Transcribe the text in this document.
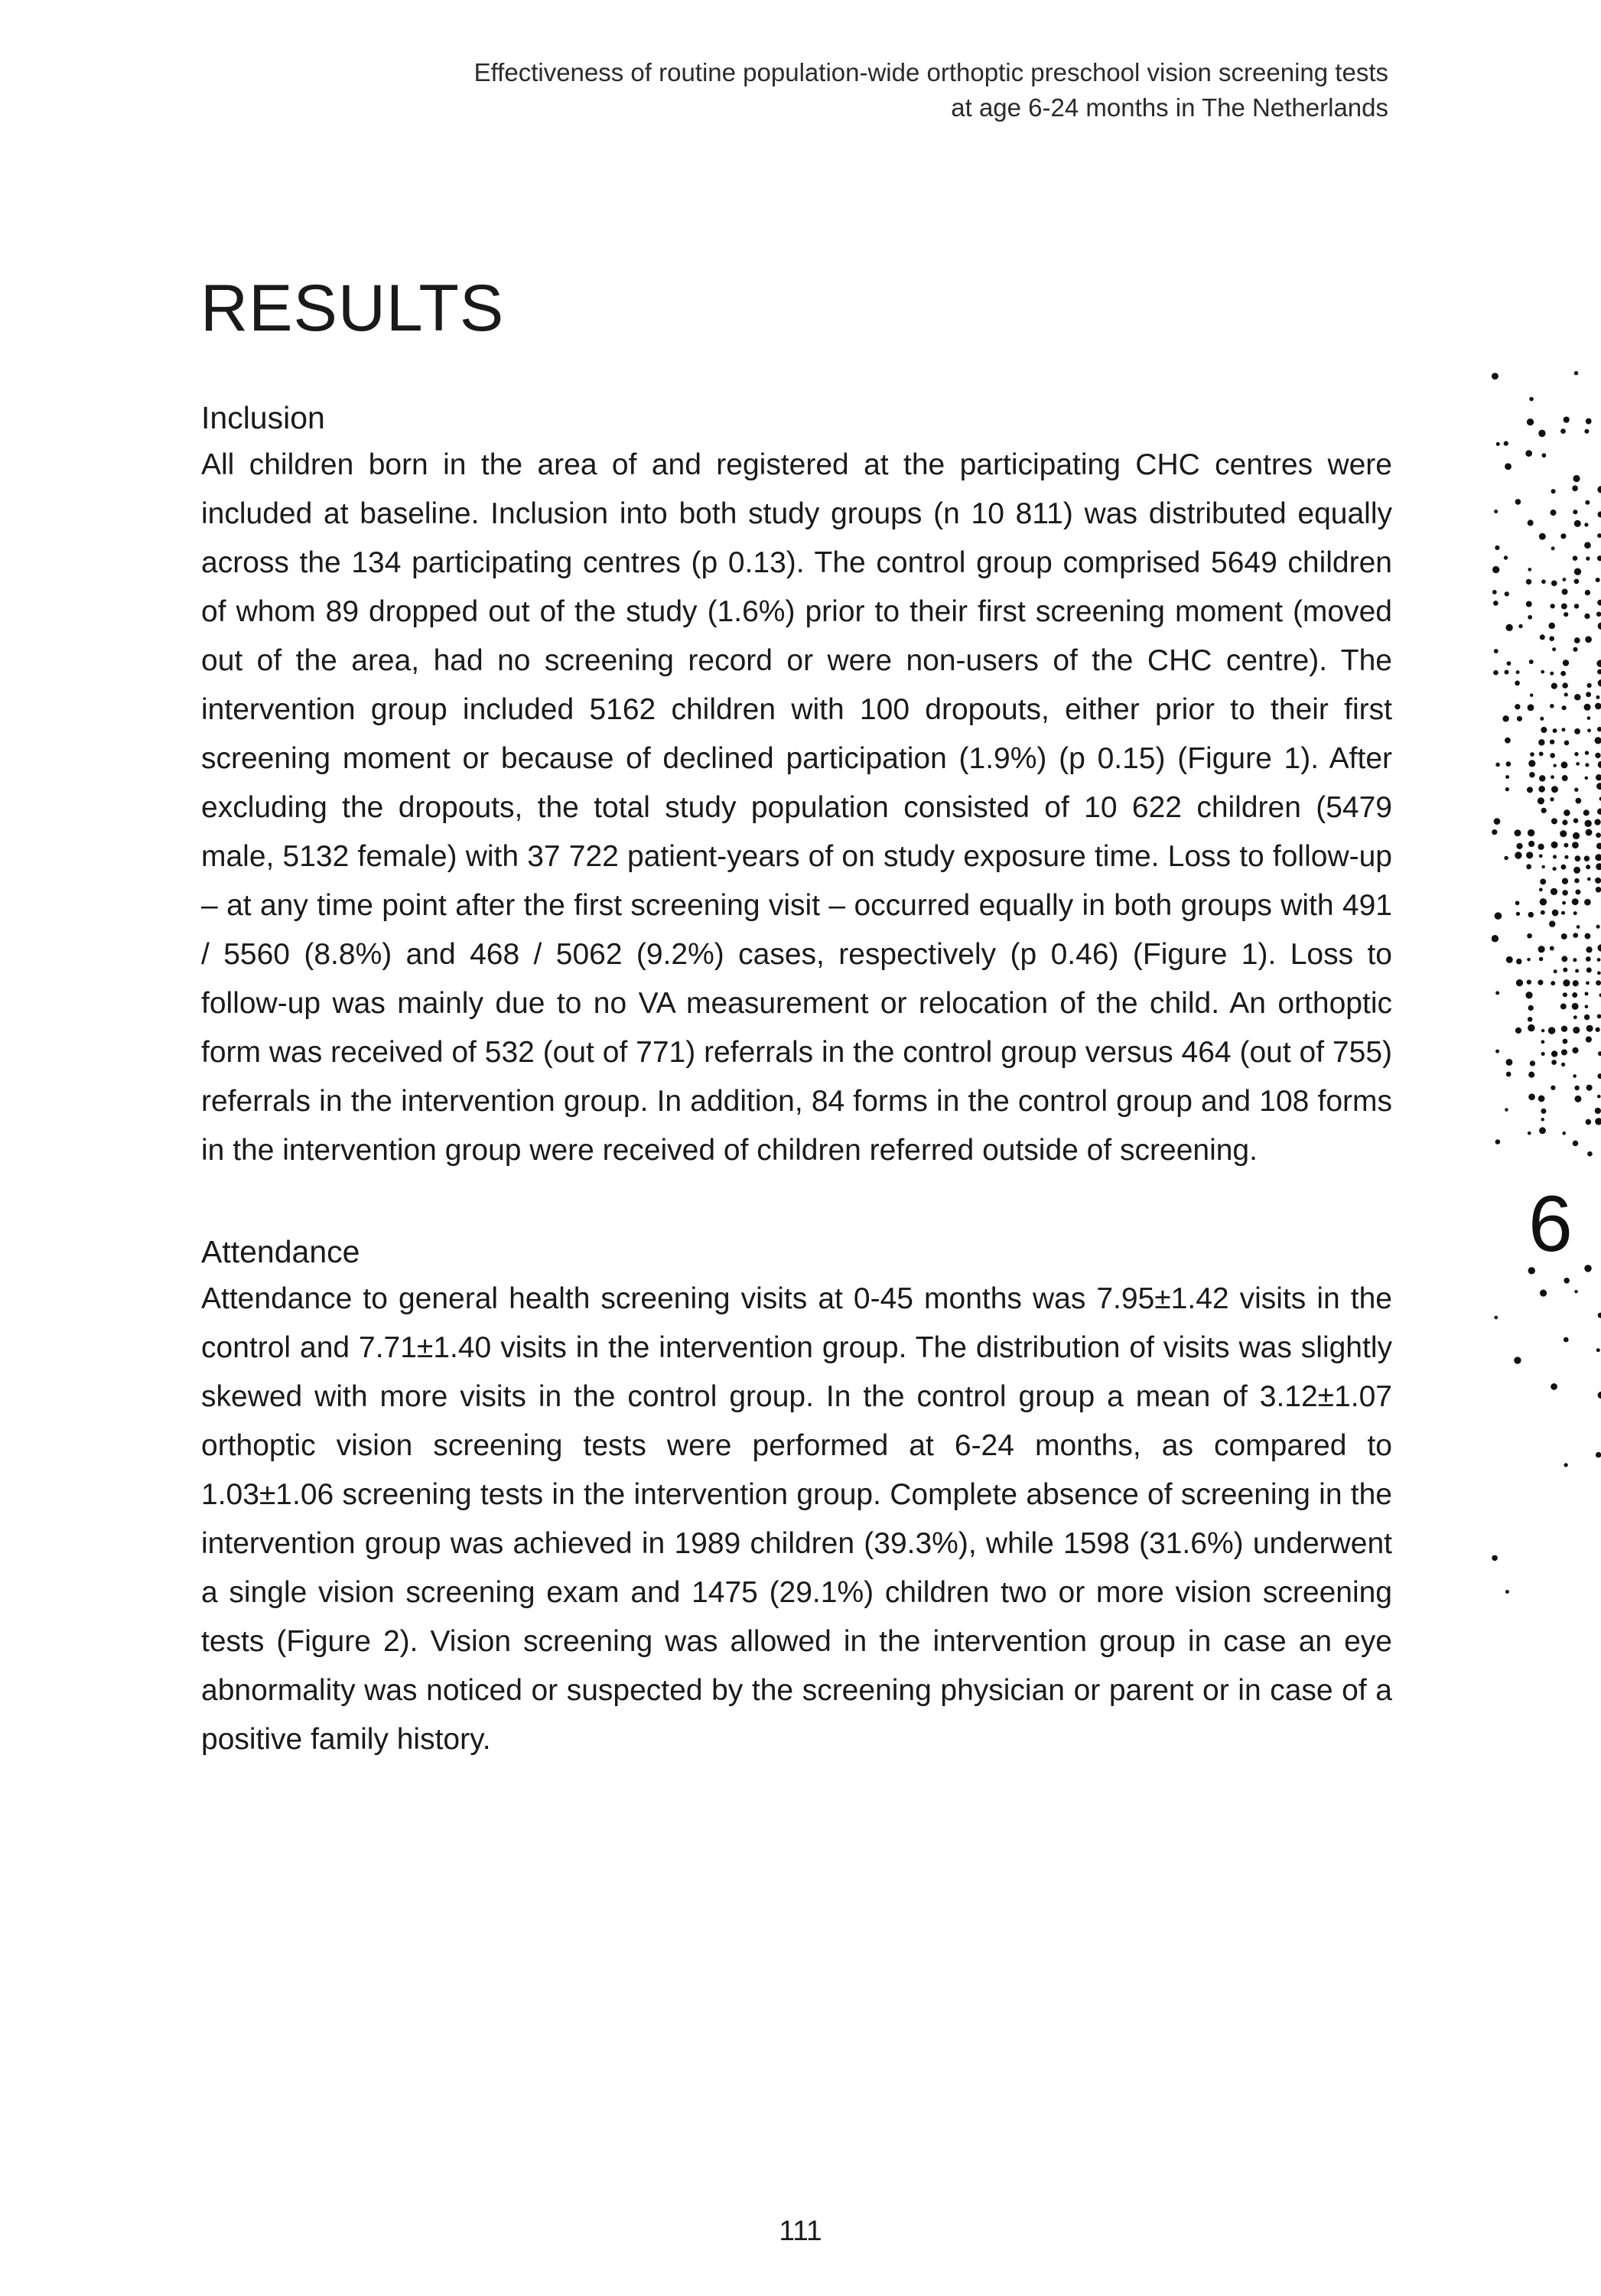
Effectiveness of routine population-wide orthoptic preschool vision screening tests
at age 6-24 months in The Netherlands
RESULTS
Inclusion

All children born in the area of and registered at the participating CHC centres were included at baseline. Inclusion into both study groups (n 10 811) was distributed equally across the 134 participating centres (p 0.13). The control group comprised 5649 children of whom 89 dropped out of the study (1.6%) prior to their first screening moment (moved out of the area, had no screening record or were non-users of the CHC centre). The intervention group included 5162 children with 100 dropouts, either prior to their first screening moment or because of declined participation (1.9%) (p 0.15) (Figure 1). After excluding the dropouts, the total study population consisted of 10 622 children (5479 male, 5132 female) with 37 722 patient-years of on study exposure time. Loss to follow-up – at any time point after the first screening visit – occurred equally in both groups with 491 / 5560 (8.8%) and 468 / 5062 (9.2%) cases, respectively (p 0.46) (Figure 1). Loss to follow-up was mainly due to no VA measurement or relocation of the child. An orthoptic form was received of 532 (out of 771) referrals in the control group versus 464 (out of 755) referrals in the intervention group. In addition, 84 forms in the control group and 108 forms in the intervention group were received of children referred outside of screening.

Attendance

Attendance to general health screening visits at 0-45 months was 7.95±1.42 visits in the control and 7.71±1.40 visits in the intervention group. The distribution of visits was slightly skewed with more visits in the control group. In the control group a mean of 3.12±1.07 orthoptic vision screening tests were performed at 6-24 months, as compared to 1.03±1.06 screening tests in the intervention group. Complete absence of screening in the intervention group was achieved in 1989 children (39.3%), while 1598 (31.6%) underwent a single vision screening exam and 1475 (29.1%) children two or more vision screening tests (Figure 2). Vision screening was allowed in the intervention group in case an eye abnormality was noticed or suspected by the screening physician or parent or in case of a positive family history.

6
111
